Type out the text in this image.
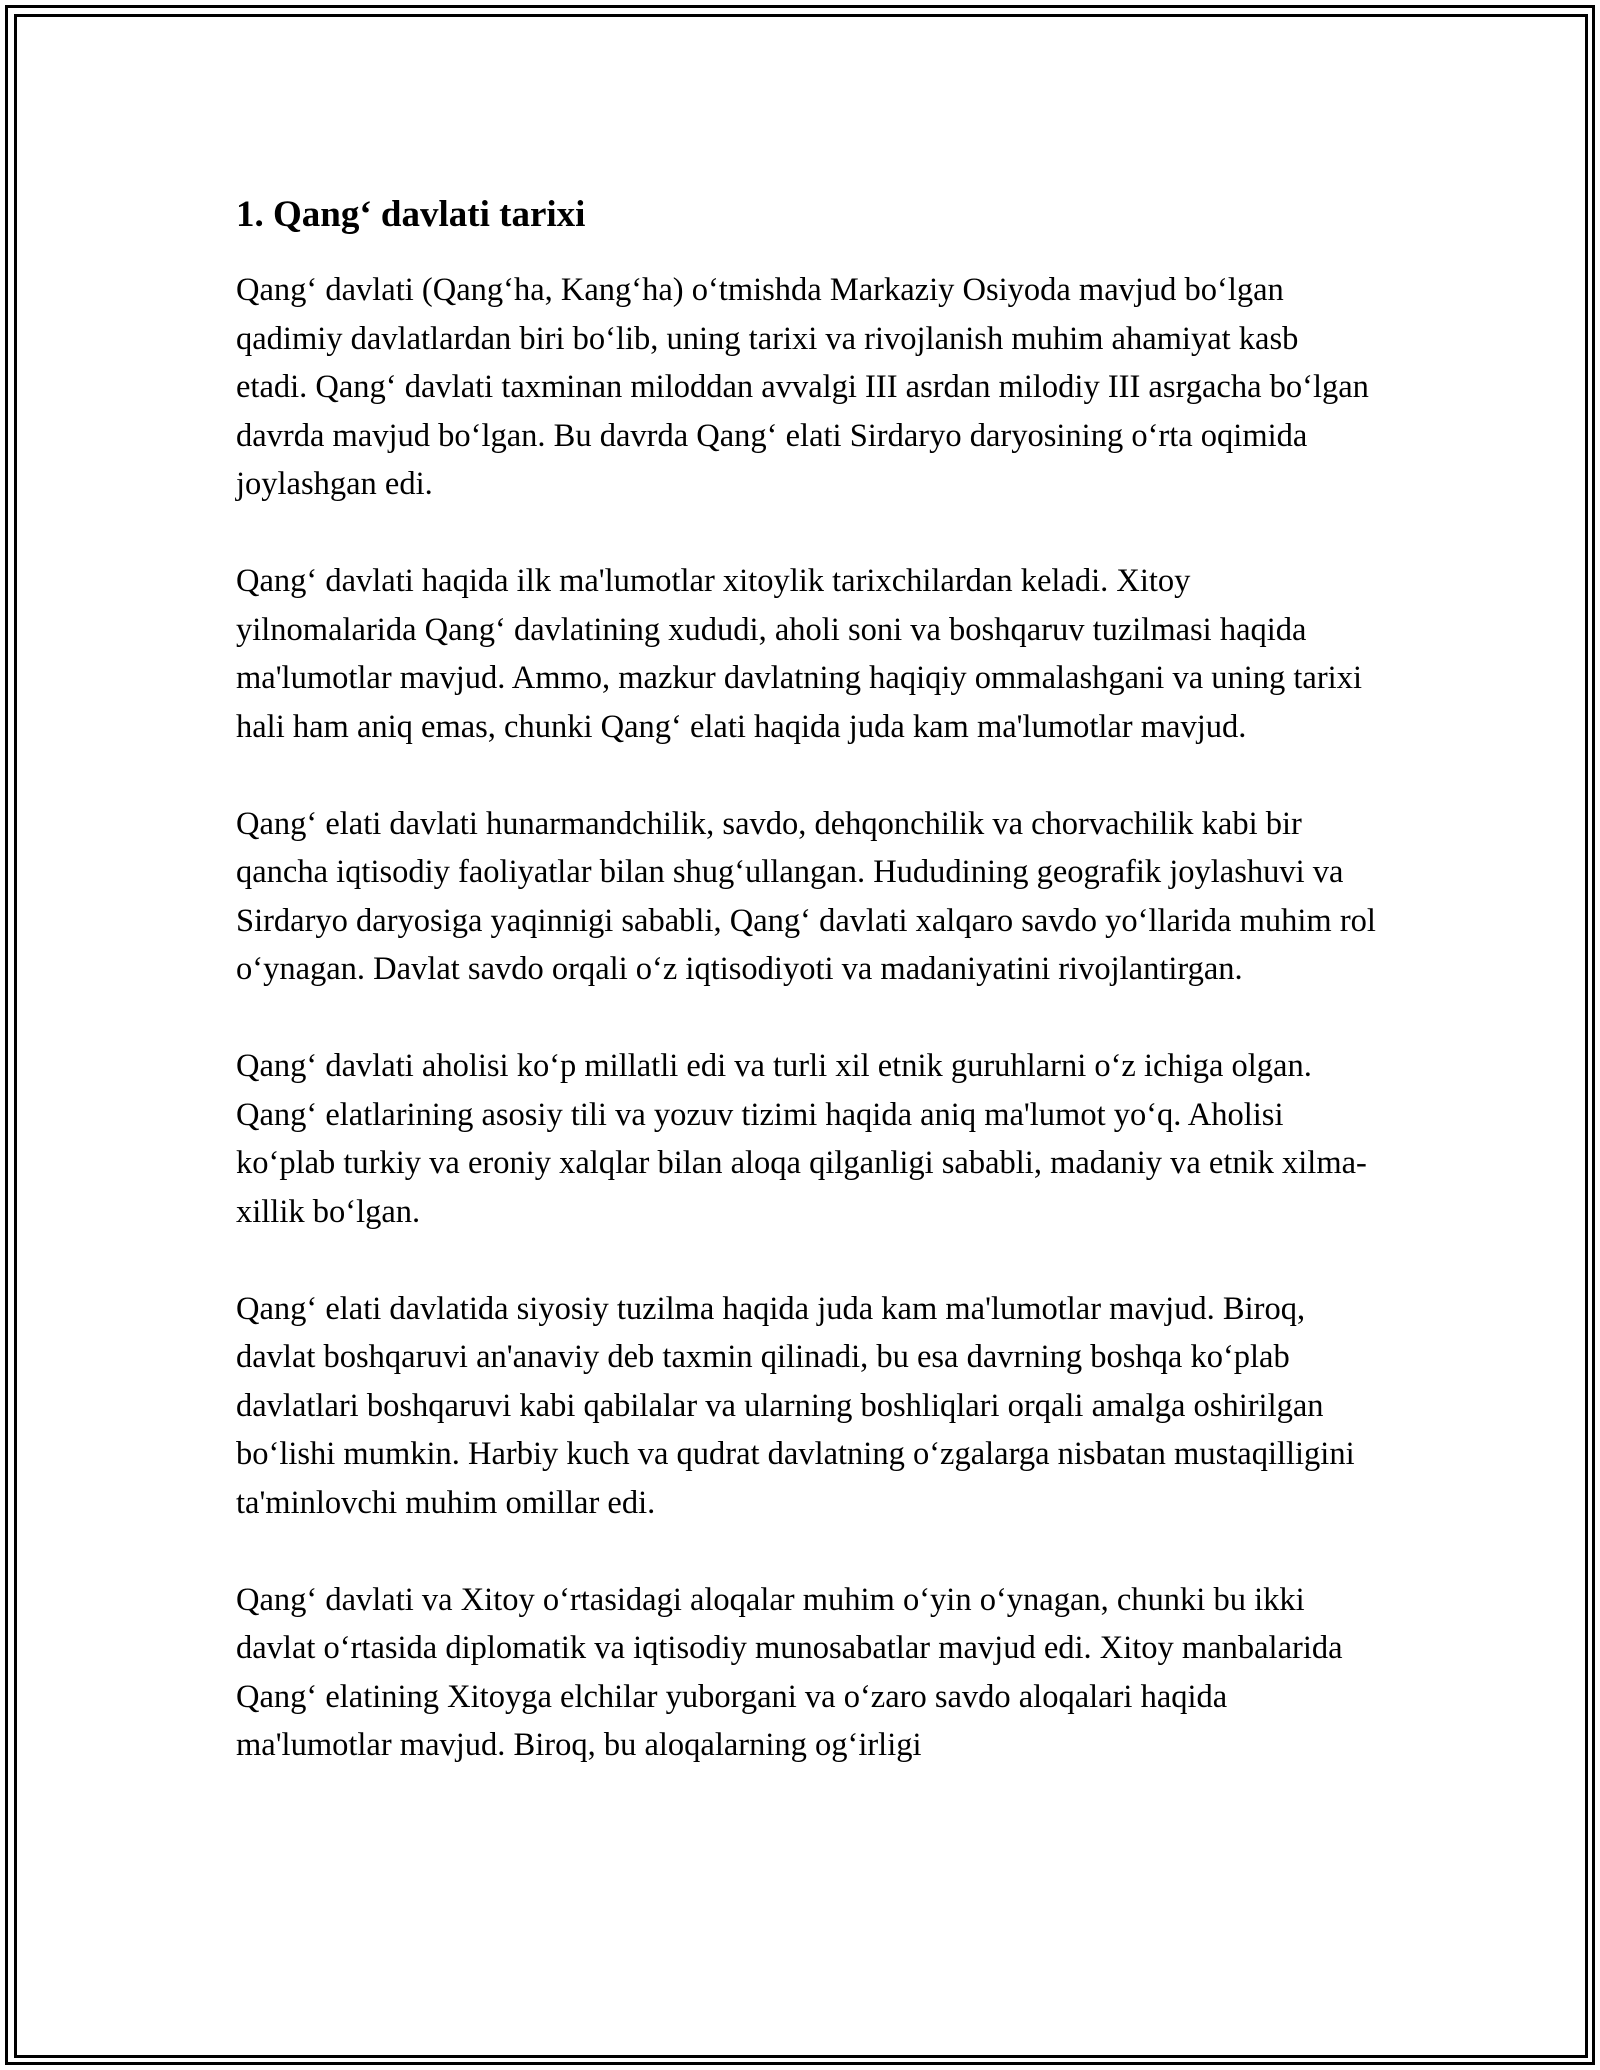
1. Qang‘ davlati tarixi

Qang‘ davlati (Qang‘ha, Kang‘ha) o‘tmishda Markaziy Osiyoda mavjud bo‘lgan qadimiy davlatlardan biri bo‘lib, uning tarixi va rivojlanish muhim ahamiyat kasb etadi. Qang‘ davlati taxminan miloddan avvalgi III asrdan milodiy III asrgacha bo‘lgan davrda mavjud bo‘lgan. Bu davrda Qang‘ elati Sirdaryo daryosining o‘rta oqimida joylashgan edi.

Qang‘ davlati haqida ilk ma'lumotlar xitoylik tarixchilardan keladi. Xitoy yilnomalarida Qang‘ davlatining xududi, aholi soni va boshqaruv tuzilmasi haqida ma'lumotlar mavjud. Ammo, mazkur davlatning haqiqiy ommalashgani va uning tarixi hali ham aniq emas, chunki Qang‘ elati haqida juda kam ma'lumotlar mavjud.

Qang‘ elati davlati hunarmandchilik, savdo, dehqonchilik va chorvachilik kabi bir qancha iqtisodiy faoliyatlar bilan shug‘ullangan. Hududining geografik joylashuvi va Sirdaryo daryosiga yaqinnigi sababli, Qang‘ davlati xalqaro savdo yo‘llarida muhim rol o‘ynagan. Davlat savdo orqali o‘z iqtisodiyoti va madaniyatini rivojlantirgan.

Qang‘ davlati aholisi ko‘p millatli edi va turli xil etnik guruhlarni o‘z ichiga olgan. Qang‘ elatlarining asosiy tili va yozuv tizimi haqida aniq ma'lumot yo‘q. Aholisi ko‘plab turkiy va eroniy xalqlar bilan aloqa qilganligi sababli, madaniy va etnik xilma-xillik bo‘lgan.

Qang‘ elati davlatida siyosiy tuzilma haqida juda kam ma'lumotlar mavjud. Biroq, davlat boshqaruvi an'anaviy deb taxmin qilinadi, bu esa davrning boshqa ko‘plab davlatlari boshqaruvi kabi qabilalar va ularning boshliqlari orqali amalga oshirilgan bo‘lishi mumkin. Harbiy kuch va qudrat davlatning o‘zgalarga nisbatan mustaqilligini ta'minlovchi muhim omillar edi.

Qang‘ davlati va Xitoy o‘rtasidagi aloqalar muhim o‘yin o‘ynagan, chunki bu ikki davlat o‘rtasida diplomatik va iqtisodiy munosabatlar mavjud edi. Xitoy manbalarida Qang‘ elatining Xitoyga elchilar yuborgani va o‘zaro savdo aloqalari haqida ma'lumotlar mavjud. Biroq, bu aloqalarning og‘irligi
